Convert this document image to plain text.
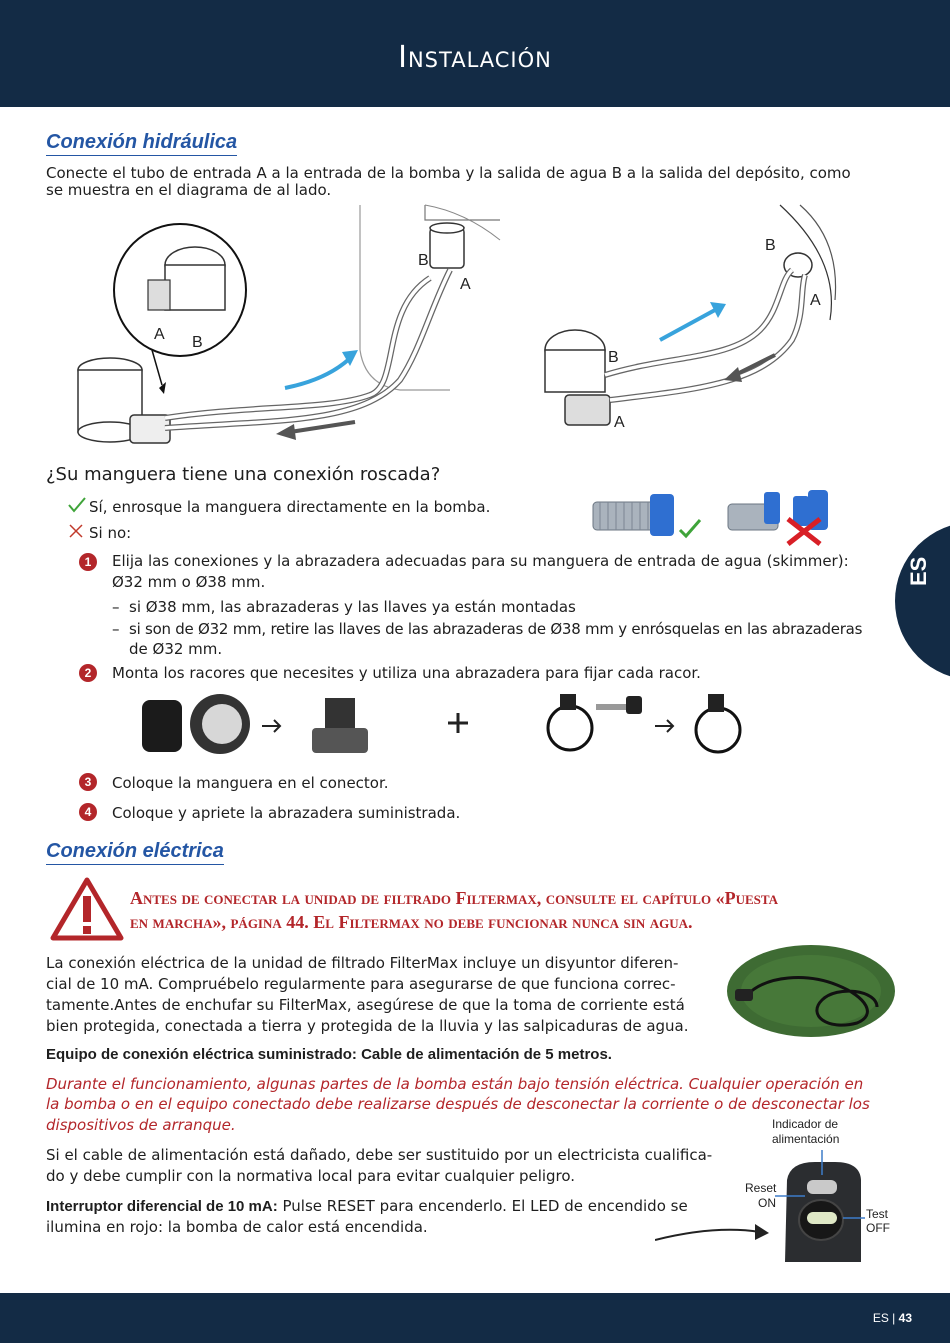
Instalación
ES
Conexión hidráulica
Conecte el tubo de entrada A a la entrada de la bomba y la salida de agua B a la salida del depósito, como
se muestra en el diagrama de al lado.
A B
B
A
B
A
B
A
¿Su manguera tiene una conexión roscada?
Sí, enrosque la manguera directamente en la bomba.
Si no:
1	Elija las conexiones y la abrazadera adecuadas para su manguera de entrada de agua (skimmer):
Ø32 mm o Ø38 mm.
– si Ø38 mm, las abrazaderas y las llaves ya están montadas
– si son de Ø32 mm, retire las llaves de las abrazaderas de Ø38 mm y enrósquelas en las abrazaderas
de Ø32 mm.
2	Monta los racores que necesites y utiliza una abrazadera para fijar cada racor.
3	Coloque la manguera en el conector.
4	Coloque y apriete la abrazadera suministrada.
Conexión eléctrica
Antes de conectar la unidad de filtrado Filtermax, consulte el capítulo «Puesta
en marcha», página 44. El Filtermax no debe funcionar nunca sin agua.
La conexión eléctrica de la unidad de filtrado FilterMax incluye un disyuntor diferen-
cial de 10 mA. Compruébelo regularmente para asegurarse de que funciona correc-
tamente.Antes de enchufar su FilterMax, asegúrese de que la toma de corriente está
bien protegida, conectada a tierra y protegida de la lluvia y las salpicaduras de agua.
Equipo de conexión eléctrica suministrado: Cable de alimentación de 5 metros.
Durante el funcionamiento, algunas partes de la bomba están bajo tensión eléctrica. Cualquier operación en
la bomba o en el equipo conectado debe realizarse después de desconectar la corriente o de desconectar los
dispositivos de arranque.
Si el cable de alimentación está dañado, debe ser sustituido por un electricista cualifica-
do y debe cumplir con la normativa local para evitar cualquier peligro.
Interruptor diferencial de 10 mA: Pulse RESET para encenderlo. El LED de encendido se
ilumina en rojo: la bomba de calor está encendida.
Indicador de
alimentación
Reset
ON
Test
OFF
ES | 43
